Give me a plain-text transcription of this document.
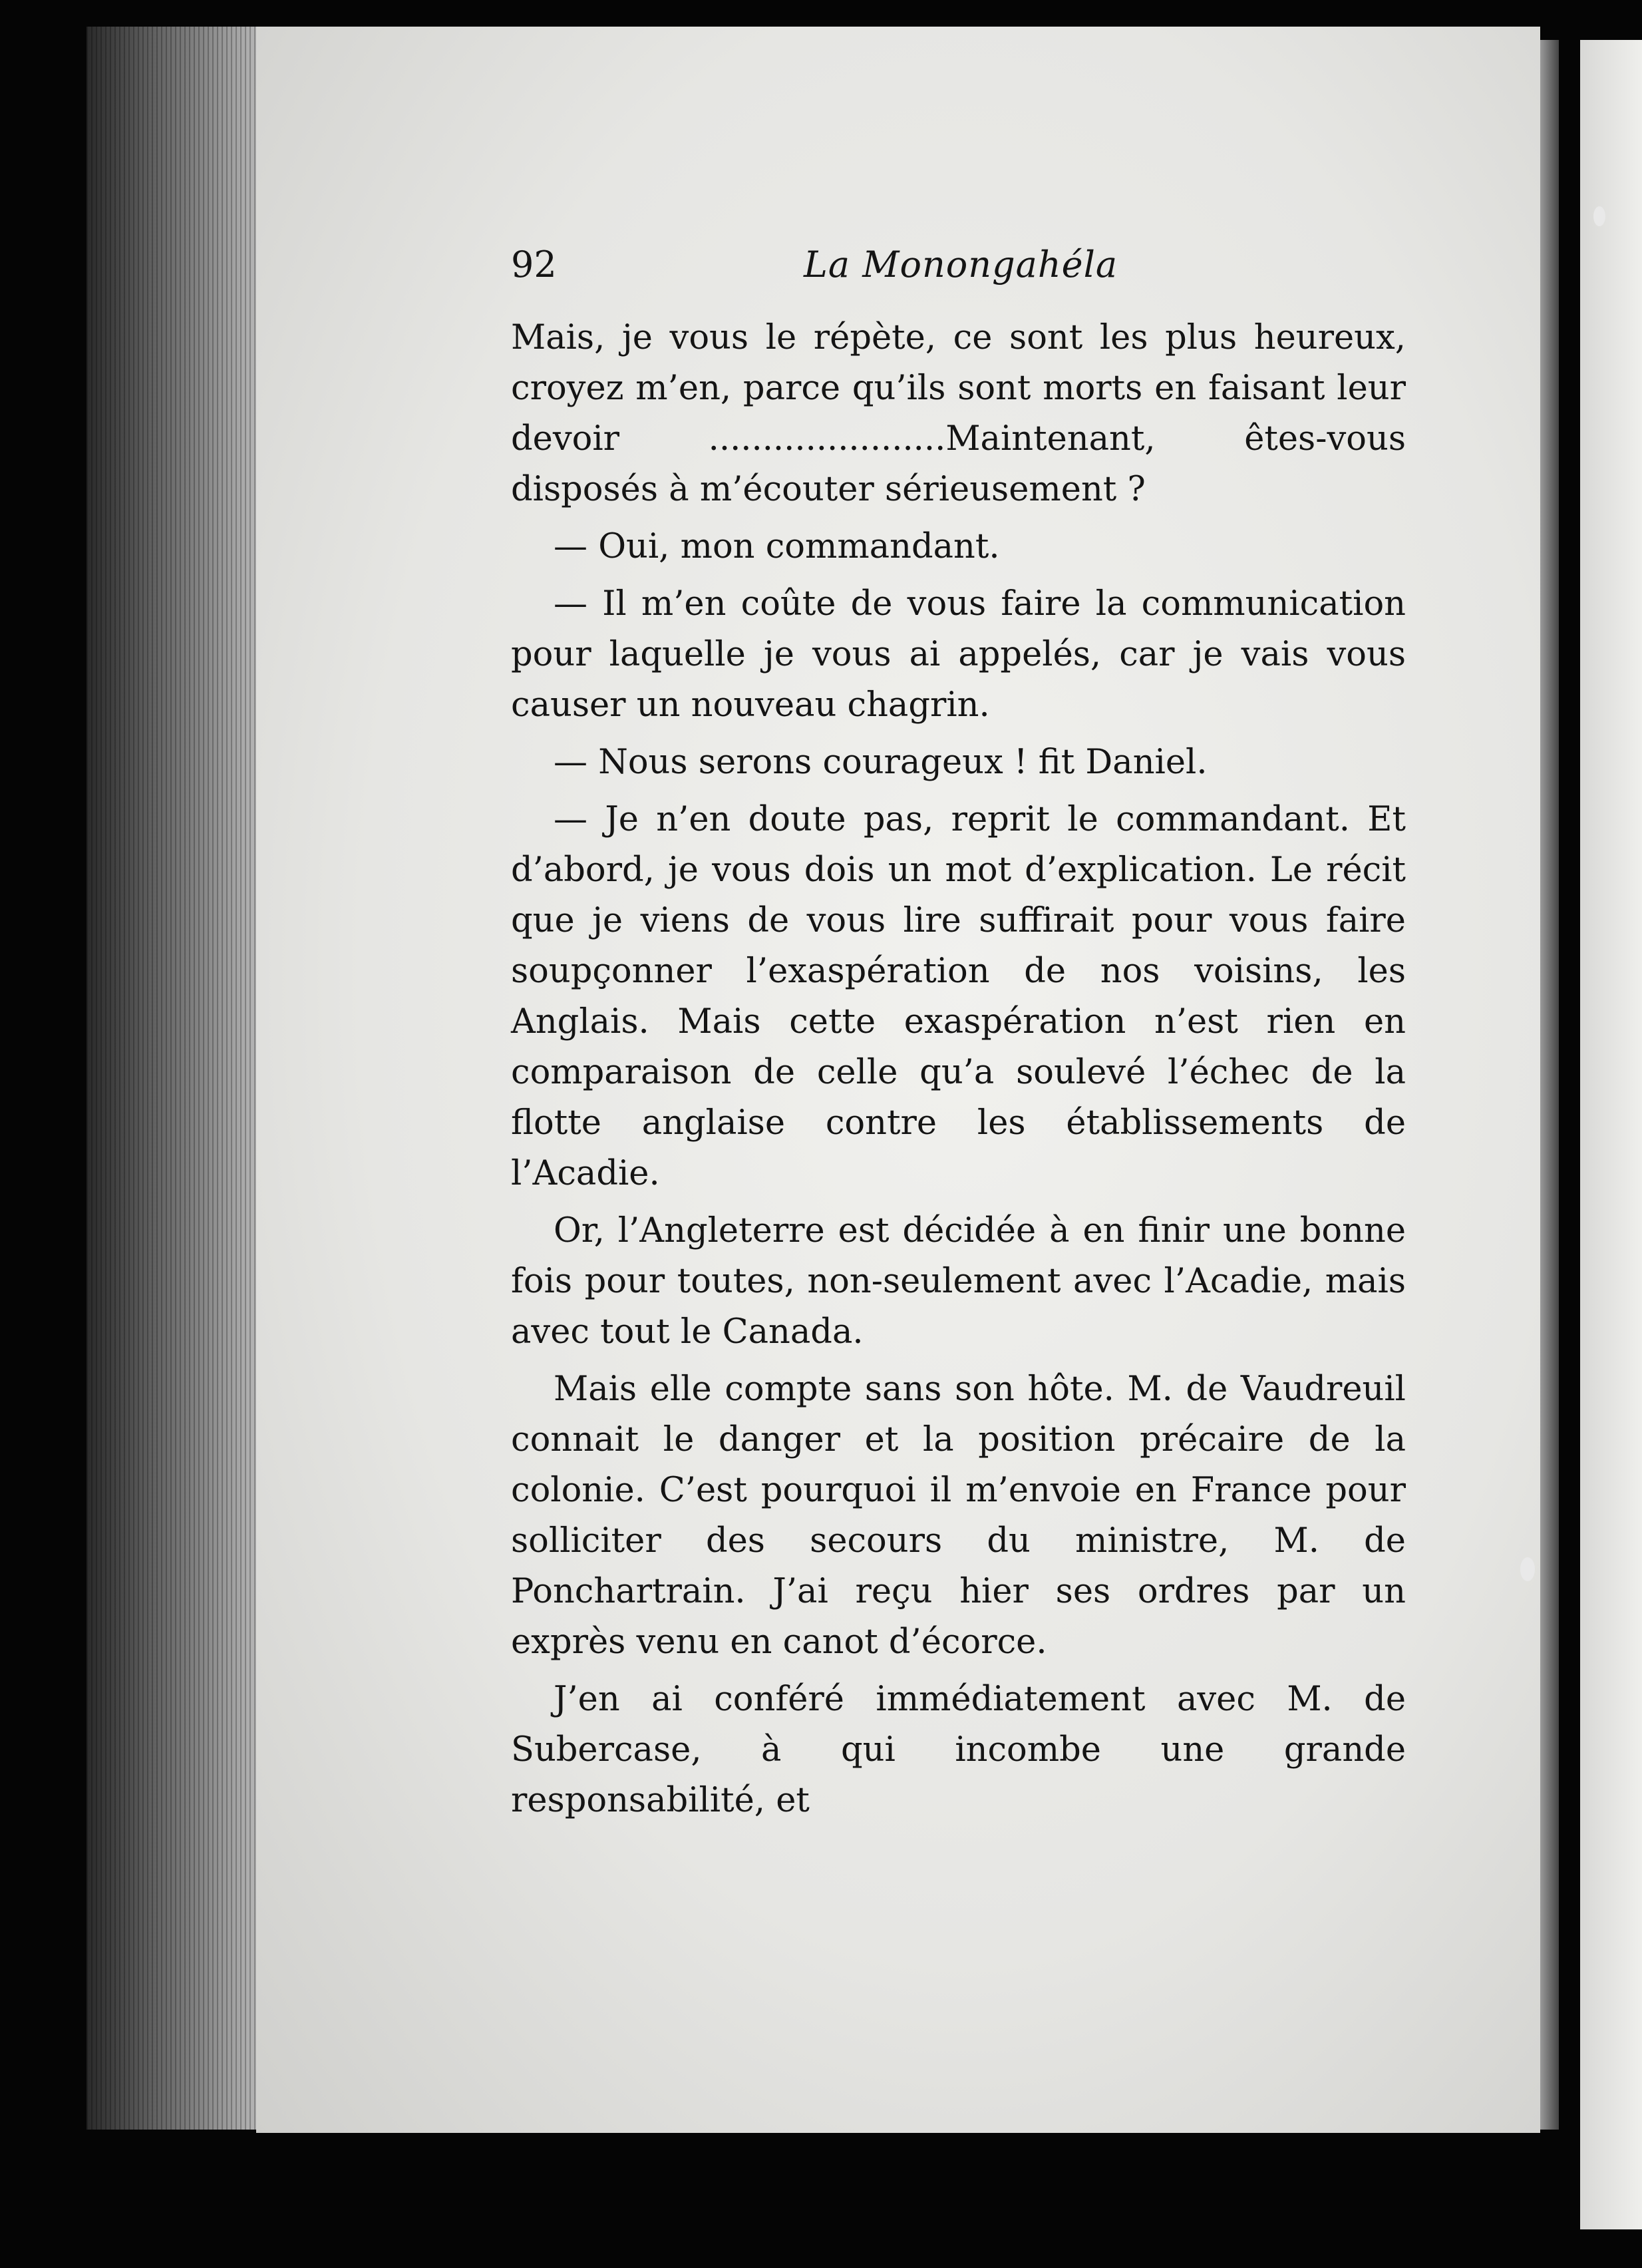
92	La Monongahéla

Mais, je vous le répète, ce sont les plus heureux, croyez m’en, parce qu’ils sont morts en faisant leur devoir ......................Maintenant, êtes-vous disposés à m’écouter sérieusement ?

— Oui, mon commandant.

— Il m’en coûte de vous faire la communication pour laquelle je vous ai appelés, car je vais vous causer un nouveau chagrin.

— Nous serons courageux ! fit Daniel.

— Je n’en doute pas, reprit le commandant. Et d’abord, je vous dois un mot d’explication. Le récit que je viens de vous lire suffirait pour vous faire soupçonner l’exaspération de nos voisins, les Anglais. Mais cette exaspération n’est rien en comparaison de celle qu’a soulevé l’échec de la flotte anglaise contre les établissements de l’Acadie.

Or, l’Angleterre est décidée à en finir une bonne fois pour toutes, non-seulement avec l’Acadie, mais avec tout le Canada.

Mais elle compte sans son hôte. M. de Vaudreuil connait le danger et la position précaire de la colonie. C’est pourquoi il m’envoie en France pour solliciter des secours du ministre, M. de Ponchartrain. J’ai reçu hier ses ordres par un exprès venu en canot d’écorce.

J’en ai conféré immédiatement avec M. de Subercase, à qui incombe une grande responsabilité, et
